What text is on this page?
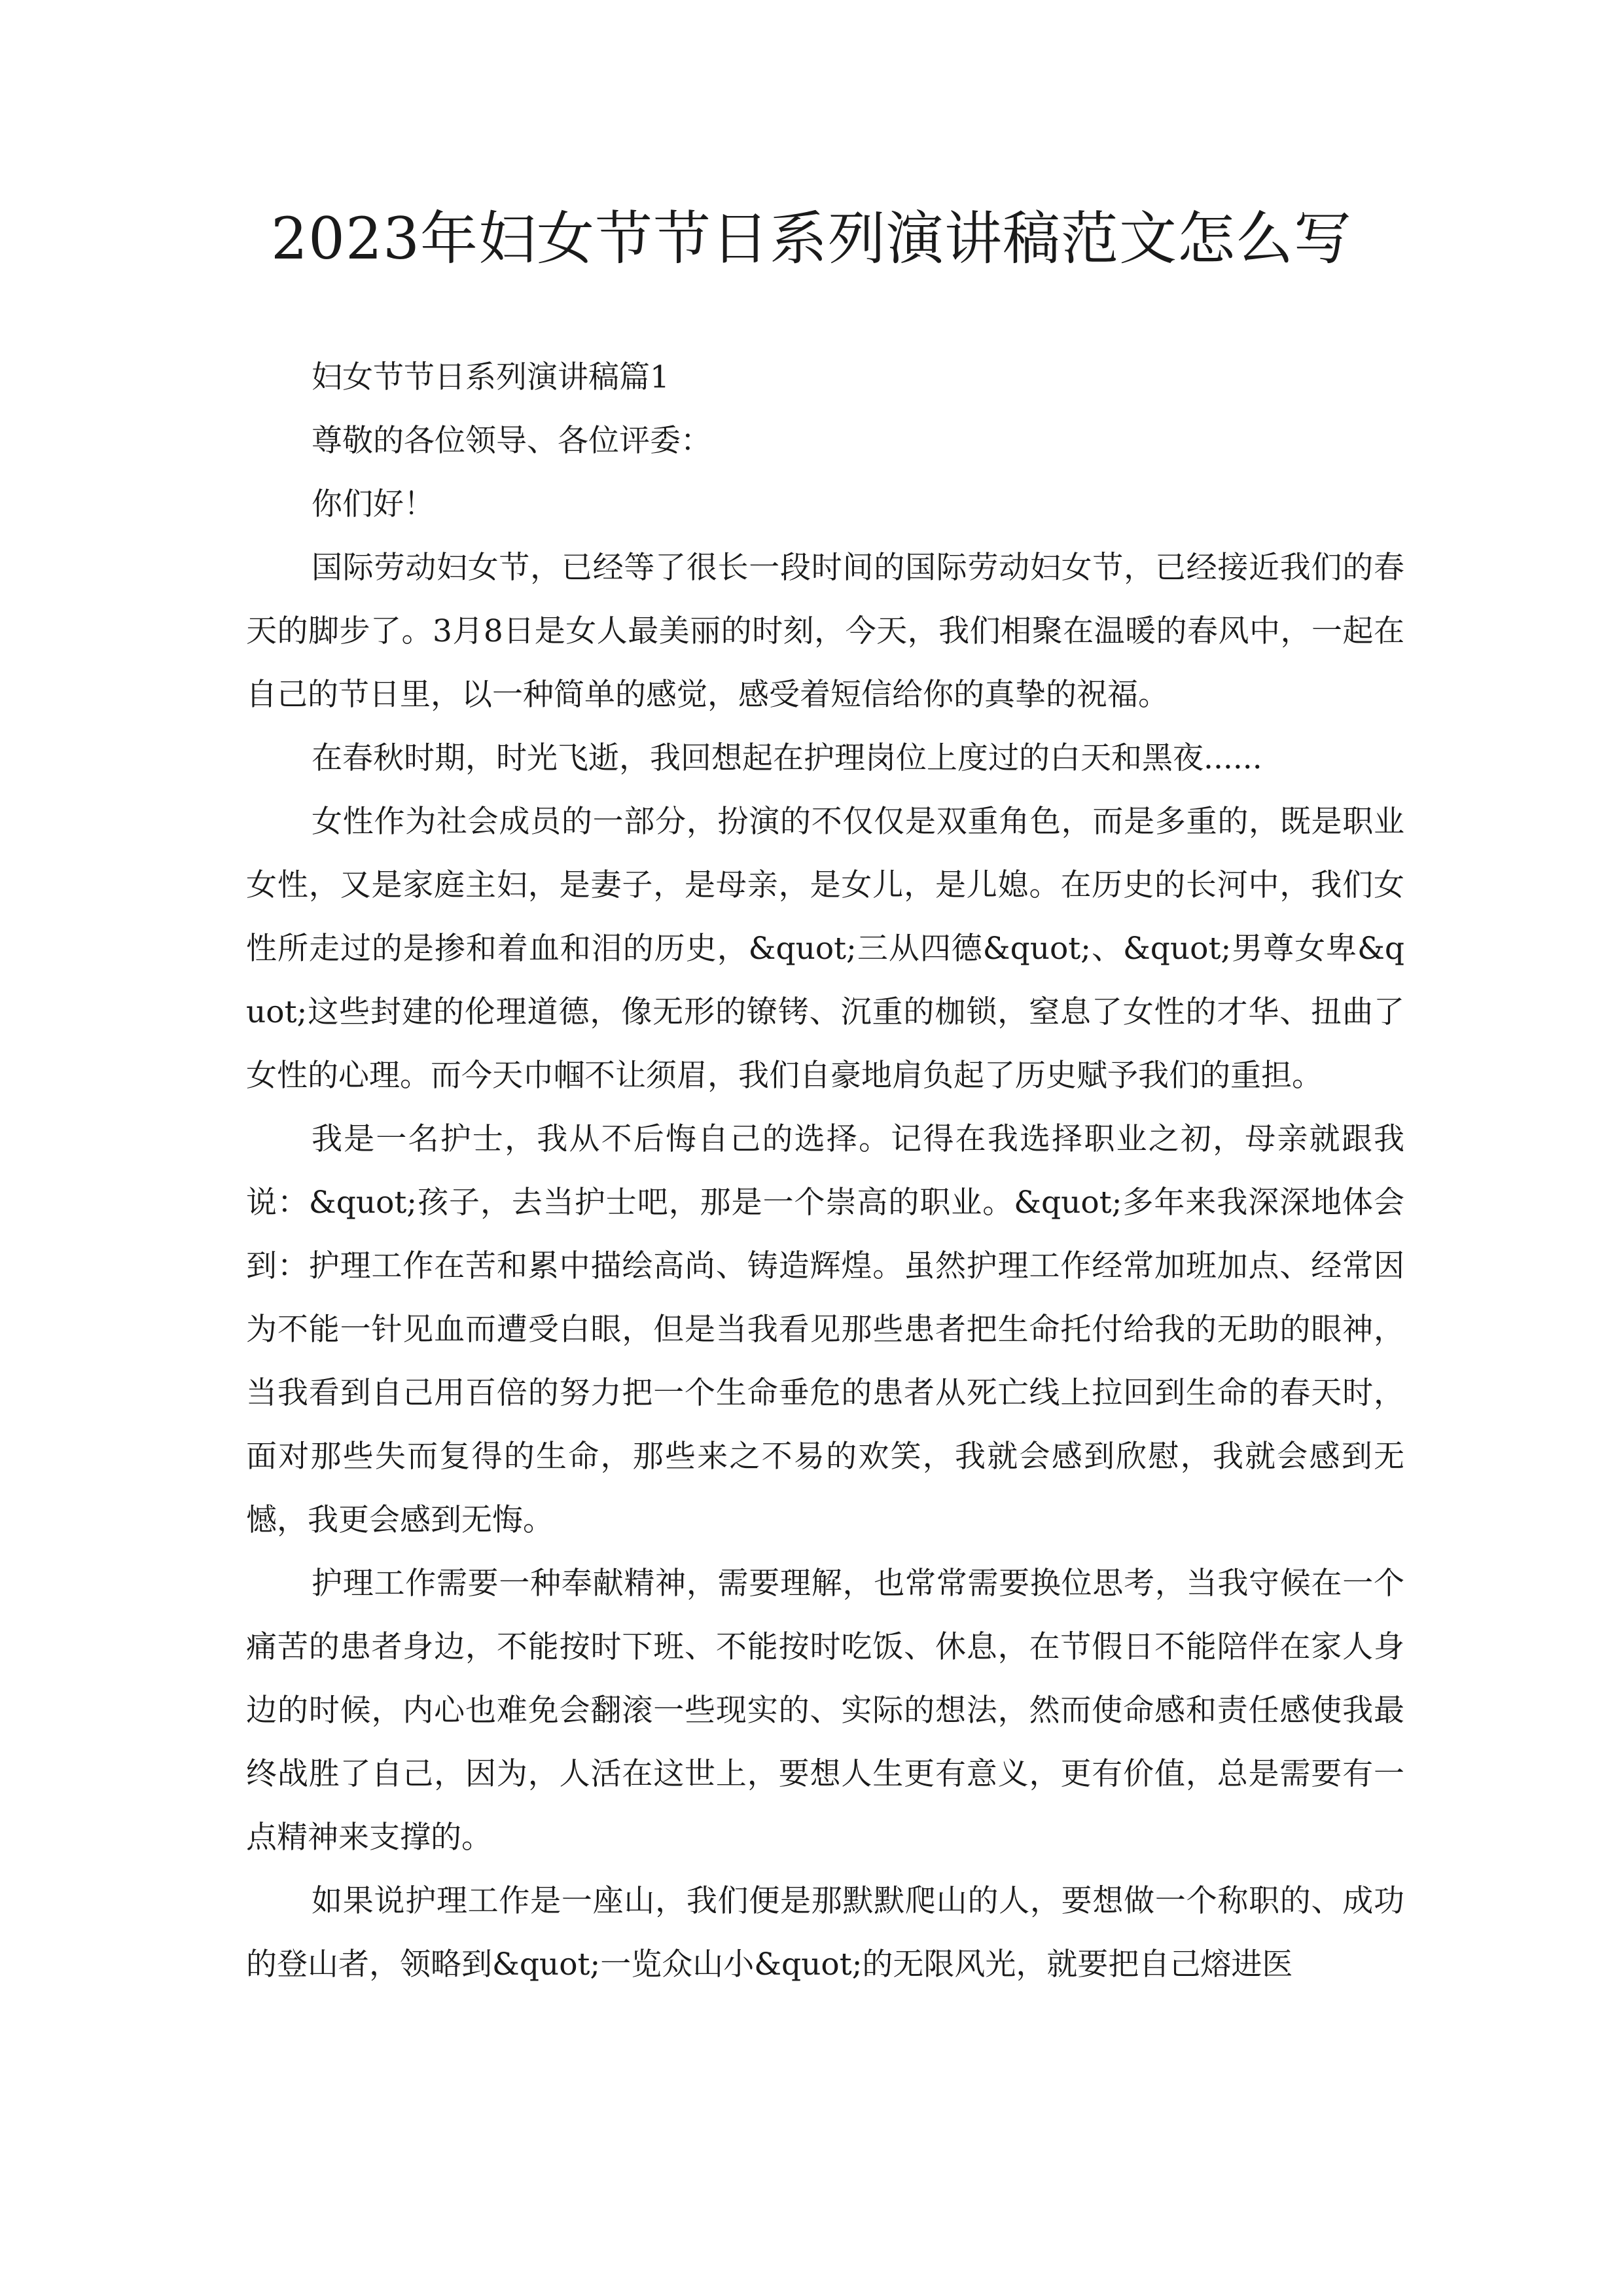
2023年妇女节节日系列演讲稿范文怎么写

妇女节节日系列演讲稿篇1

尊敬的各位领导、各位评委：

你们好！

国际劳动妇女节，已经等了很长一段时间的国际劳动妇女节，已经接近我们的春天的脚步了。3月8日是女人最美丽的时刻，今天，我们相聚在温暖的春风中，一起在自己的节日里，以一种简单的感觉，感受着短信给你的真挚的祝福。

在春秋时期，时光飞逝，我回想起在护理岗位上度过的白天和黑夜......

女性作为社会成员的一部分，扮演的不仅仅是双重角色，而是多重的，既是职业女性，又是家庭主妇，是妻子，是母亲，是女儿，是儿媳。在历史的长河中，我们女性所走过的是掺和着血和泪的历史，&quot;三从四德&quot;、&quot;男尊女卑&quot;这些封建的伦理道德，像无形的镣铐、沉重的枷锁，窒息了女性的才华、扭曲了女性的心理。而今天巾帼不让须眉，我们自豪地肩负起了历史赋予我们的重担。

我是一名护士，我从不后悔自己的选择。记得在我选择职业之初，母亲就跟我说：&quot;孩子，去当护士吧，那是一个崇高的职业。&quot;多年来我深深地体会到：护理工作在苦和累中描绘高尚、铸造辉煌。虽然护理工作经常加班加点、经常因为不能一针见血而遭受白眼，但是当我看见那些患者把生命托付给我的无助的眼神，当我看到自己用百倍的努力把一个生命垂危的患者从死亡线上拉回到生命的春天时，面对那些失而复得的生命，那些来之不易的欢笑，我就会感到欣慰，我就会感到无憾，我更会感到无悔。

护理工作需要一种奉献精神，需要理解，也常常需要换位思考，当我守候在一个痛苦的患者身边，不能按时下班、不能按时吃饭、休息，在节假日不能陪伴在家人身边的时候，内心也难免会翻滚一些现实的、实际的想法，然而使命感和责任感使我最终战胜了自己，因为，人活在这世上，要想人生更有意义，更有价值，总是需要有一点精神来支撑的。

如果说护理工作是一座山，我们便是那默默爬山的人，要想做一个称职的、成功的登山者，领略到&quot;一览众山小&quot;的无限风光，就要把自己熔进医
